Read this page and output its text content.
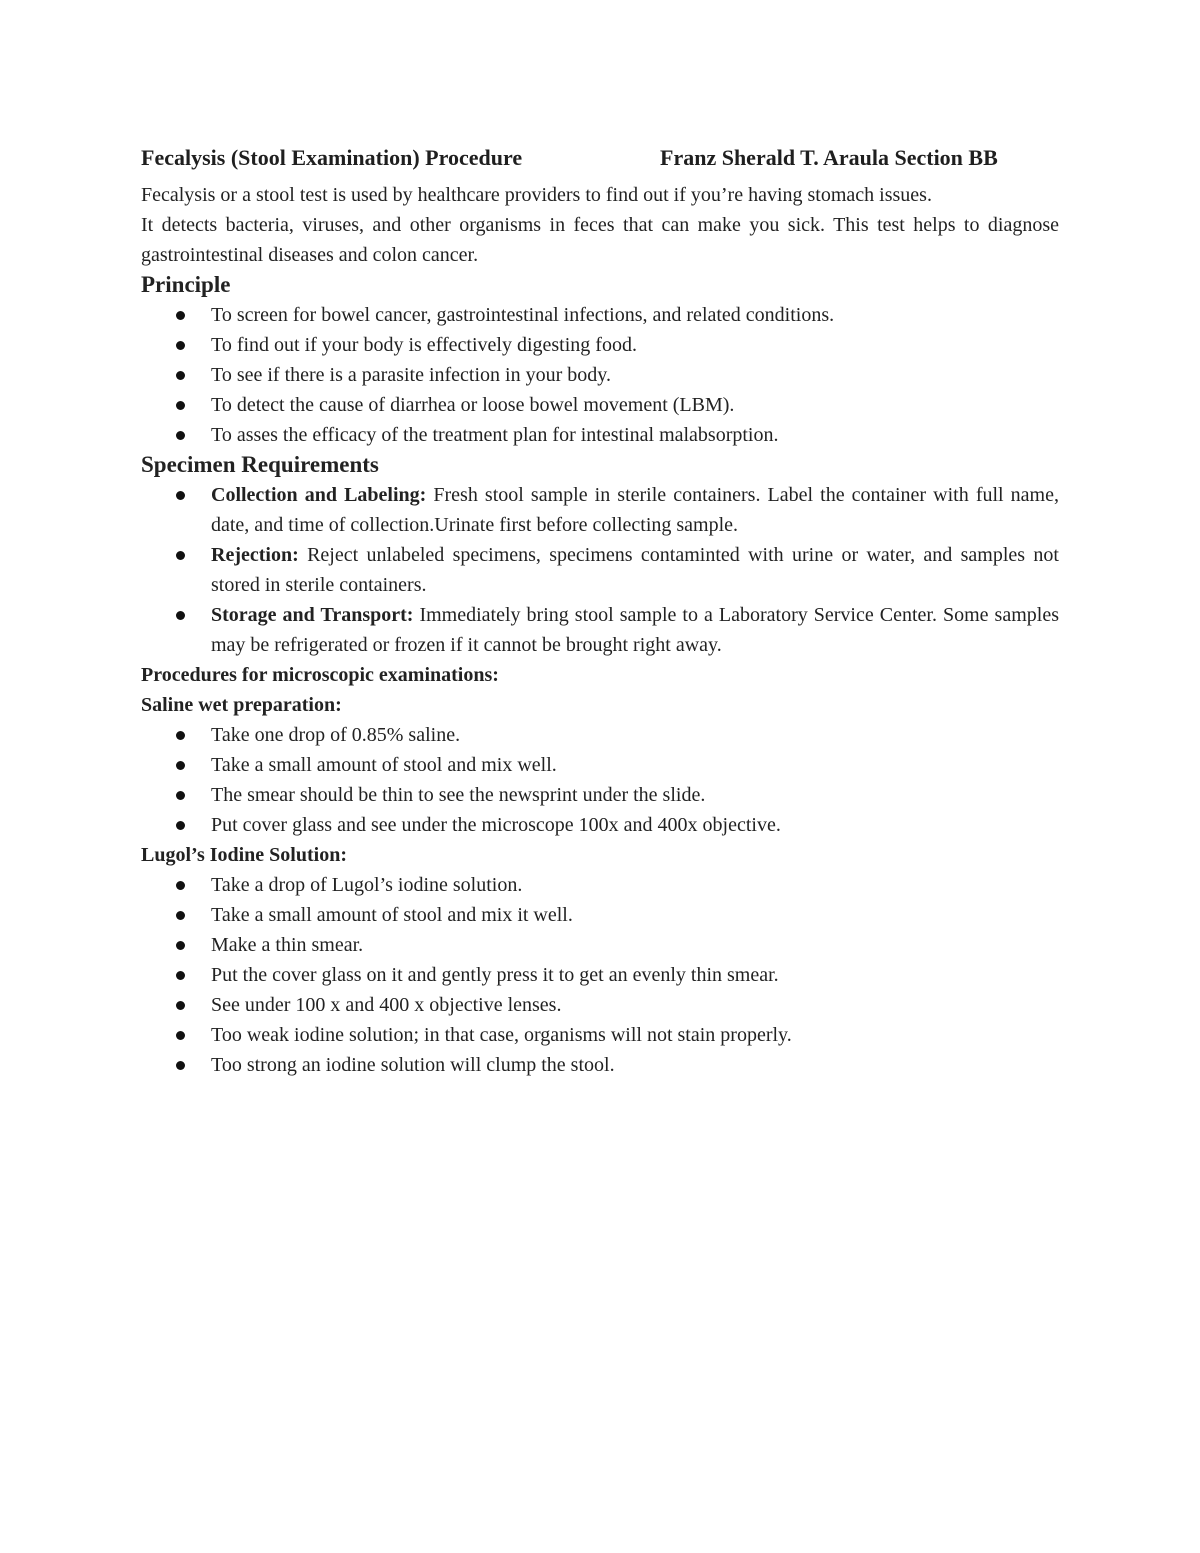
Fecalysis (Stool Examination) Procedure	Franz Sherald T. Araula Section BB

Fecalysis or a stool test is used by healthcare providers to find out if you’re having stomach issues.

It detects bacteria, viruses, and other organisms in feces that can make you sick. This test helps to diagnose gastrointestinal diseases and colon cancer.

Principle
To screen for bowel cancer, gastrointestinal infections, and related conditions.
To find out if your body is effectively digesting food.
To see if there is a parasite infection in your body.
To detect the cause of diarrhea or loose bowel movement (LBM).
To asses the efficacy of the treatment plan for intestinal malabsorption.
Specimen Requirements
Collection and Labeling: Fresh stool sample in sterile containers. Label the container with full name, date, and time of collection.Urinate first before collecting sample.
Rejection: Reject unlabeled specimens, specimens contaminted with urine or water, and samples not stored in sterile containers.
Storage and Transport: Immediately bring stool sample to a Laboratory Service Center. Some samples may be refrigerated or frozen if it cannot be brought right away.
Procedures for microscopic examinations:
Saline wet preparation:
Take one drop of 0.85% saline.
Take a small amount of stool and mix well.
The smear should be thin to see the newsprint under the slide.
Put cover glass and see under the microscope 100x and 400x objective.
Lugol’s Iodine Solution:
Take a drop of Lugol’s iodine solution.
Take a small amount of stool and mix it well.
Make a thin smear.
Put the cover glass on it and gently press it to get an evenly thin smear.
See under 100 x and 400 x objective lenses.
Too weak iodine solution; in that case, organisms will not stain properly.
Too strong an iodine solution will clump the stool.
